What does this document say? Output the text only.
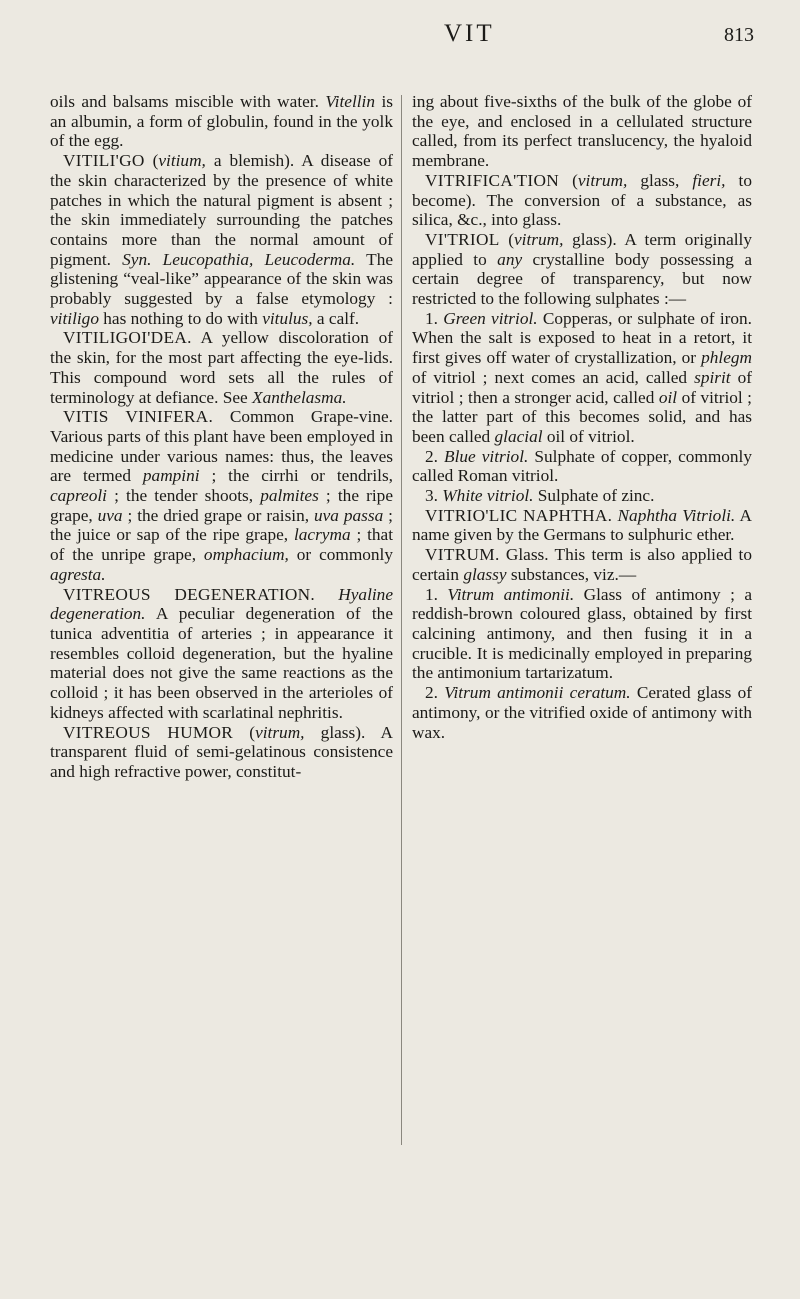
VIT	813

oils and balsams miscible with water. Vitellin is an albumin, a form of globulin, found in the yolk of the egg.

VITILI'GO (vitium, a blemish). A disease of the skin characterized by the presence of white patches in which the natural pigment is absent ; the skin immediately surrounding the patches contains more than the normal amount of pigment. Syn. Leucopathia, Leucoderma. The glistening “veal-like” appearance of the skin was probably suggested by a false etymology : vitiligo has nothing to do with vitulus, a calf.

VITILIGOI'DEA. A yellow discoloration of the skin, for the most part affecting the eye-lids. This compound word sets all the rules of terminology at defiance. See Xanthelasma.

VITIS VINIFERA. Common Grape-vine. Various parts of this plant have been employed in medicine under various names: thus, the leaves are termed pampini ; the cirrhi or tendrils, capreoli ; the tender shoots, palmites ; the ripe grape, uva ; the dried grape or raisin, uva passa ; the juice or sap of the ripe grape, lacryma ; that of the unripe grape, omphacium, or commonly agresta.

VITREOUS DEGENERATION. Hyaline degeneration. A peculiar degeneration of the tunica adventitia of arteries ; in appearance it resembles colloid degeneration, but the hyaline material does not give the same reactions as the colloid ; it has been observed in the arterioles of kidneys affected with scarlatinal nephritis.

VITREOUS HUMOR (vitrum, glass). A transparent fluid of semi-gelatinous consistence and high refractive power, constitut-

ing about five-sixths of the bulk of the globe of the eye, and enclosed in a cellulated structure called, from its perfect translucency, the hyaloid membrane.

VITRIFICA'TION (vitrum, glass, fieri, to become). The conversion of a substance, as silica, &c., into glass.

VI'TRIOL (vitrum, glass). A term originally applied to any crystalline body possessing a certain degree of transparency, but now restricted to the following sulphates :—

1. Green vitriol. Copperas, or sulphate of iron. When the salt is exposed to heat in a retort, it first gives off water of crystallization, or phlegm of vitriol ; next comes an acid, called spirit of vitriol ; then a stronger acid, called oil of vitriol ; the latter part of this becomes solid, and has been called glacial oil of vitriol.

2. Blue vitriol. Sulphate of copper, commonly called Roman vitriol.

3. White vitriol. Sulphate of zinc.

VITRIO'LIC NAPHTHA. Naphtha Vitrioli. A name given by the Germans to sulphuric ether.

VITRUM. Glass. This term is also applied to certain glassy substances, viz.—

1. Vitrum antimonii. Glass of antimony ; a reddish-brown coloured glass, obtained by first calcining antimony, and then fusing it in a crucible. It is medicinally employed in preparing the antimonium tartarizatum.

2. Vitrum antimonii ceratum. Cerated glass of antimony, or the vitrified oxide of antimony with wax.
